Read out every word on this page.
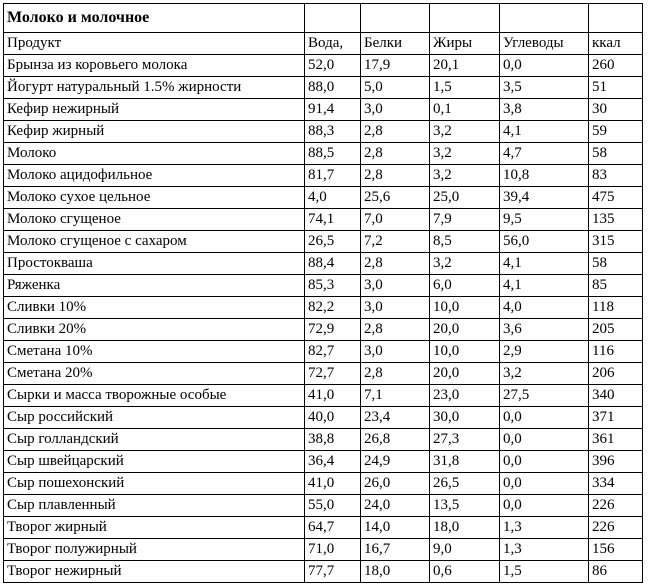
Молоко и молочное					
Продукт	Вода,	Белки	Жиры	Углеводы	ккал
Брынза из коровьего молока	52,0	17,9	20,1	0,0	260
Йогурт натуральный 1.5% жирности	88,0	5,0	1,5	3,5	51
Кефир нежирный	91,4	3,0	0,1	3,8	30
Кефир жирный	88,3	2,8	3,2	4,1	59
Молоко	88,5	2,8	3,2	4,7	58
Молоко ацидофильное	81,7	2,8	3,2	10,8	83
Молоко сухое цельное	4,0	25,6	25,0	39,4	475
Молоко сгущеное	74,1	7,0	7,9	9,5	135
Молоко сгущеное с сахаром	26,5	7,2	8,5	56,0	315
Простокваша	88,4	2,8	3,2	4,1	58
Ряженка	85,3	3,0	6,0	4,1	85
Сливки 10%	82,2	3,0	10,0	4,0	118
Сливки 20%	72,9	2,8	20,0	3,6	205
Сметана 10%	82,7	3,0	10,0	2,9	116
Сметана 20%	72,7	2,8	20,0	3,2	206
Сырки и масса творожные особые	41,0	7,1	23,0	27,5	340
Сыр российский	40,0	23,4	30,0	0,0	371
Сыр голландский	38,8	26,8	27,3	0,0	361
Сыр швейцарский	36,4	24,9	31,8	0,0	396
Сыр пошехонский	41,0	26,0	26,5	0,0	334
Сыр плавленный	55,0	24,0	13,5	0,0	226
Творог жирный	64,7	14,0	18,0	1,3	226
Творог полужирный	71,0	16,7	9,0	1,3	156
Творог нежирный	77,7	18,0	0,6	1,5	86
